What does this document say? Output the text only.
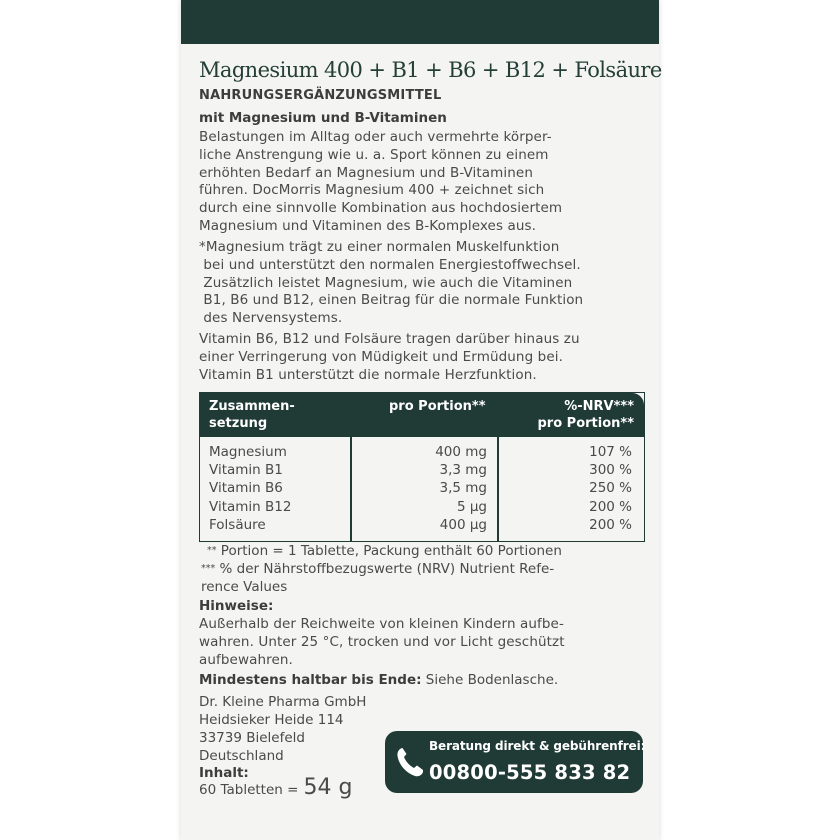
Magnesium 400 + B1 + B6 + B12 + Folsäure
NAHRUNGSERGÄNZUNGSMITTEL
mit Magnesium und B-Vitaminen
Belastungen im Alltag oder auch vermehrte körper-
liche Anstrengung wie u. a. Sport können zu einem
erhöhten Bedarf an Magnesium und B-Vitaminen
führen. DocMorris Magnesium 400 + zeichnet sich
durch eine sinnvolle Kombination aus hochdosiertem
Magnesium und Vitaminen des B-Komplexes aus.
*Magnesium trägt zu einer normalen Muskelfunktion
bei und unterstützt den normalen Energiestoffwechsel.
Zusätzlich leistet Magnesium, wie auch die Vitaminen
B1, B6 und B12, einen Beitrag für die normale Funktion
des Nervensystems.
Vitamin B6, B12 und Folsäure tragen darüber hinaus zu
einer Verringerung von Müdigkeit und Ermüdung bei.
Vitamin B1 unterstützt die normale Herzfunktion.
Zusammen-
setzung
pro Portion**	%-NRV***
pro Portion**
Magnesium
Vitamin B1
Vitamin B6
Vitamin B12
Folsäure
400 mg
3,3 mg
3,5 mg
5 µg
400 µg
107 %
300 %
250 %
200 %
200 %
** Portion = 1 Tablette, Packung enthält 60 Portionen
*** % der Nährstoffbezugswerte (NRV) Nutrient Refe-
rence Values
Hinweise:
Außerhalb der Reichweite von kleinen Kindern aufbe-
wahren. Unter 25 °C, trocken und vor Licht geschützt
aufbewahren.
Mindestens haltbar bis Ende: Siehe Bodenlasche.
Dr. Kleine Pharma GmbH
Heidsieker Heide 114
33739 Bielefeld
Deutschland
Inhalt:
60 Tabletten = 54 g
Beratung direkt & gebührenfrei:
00800-555 833 82
